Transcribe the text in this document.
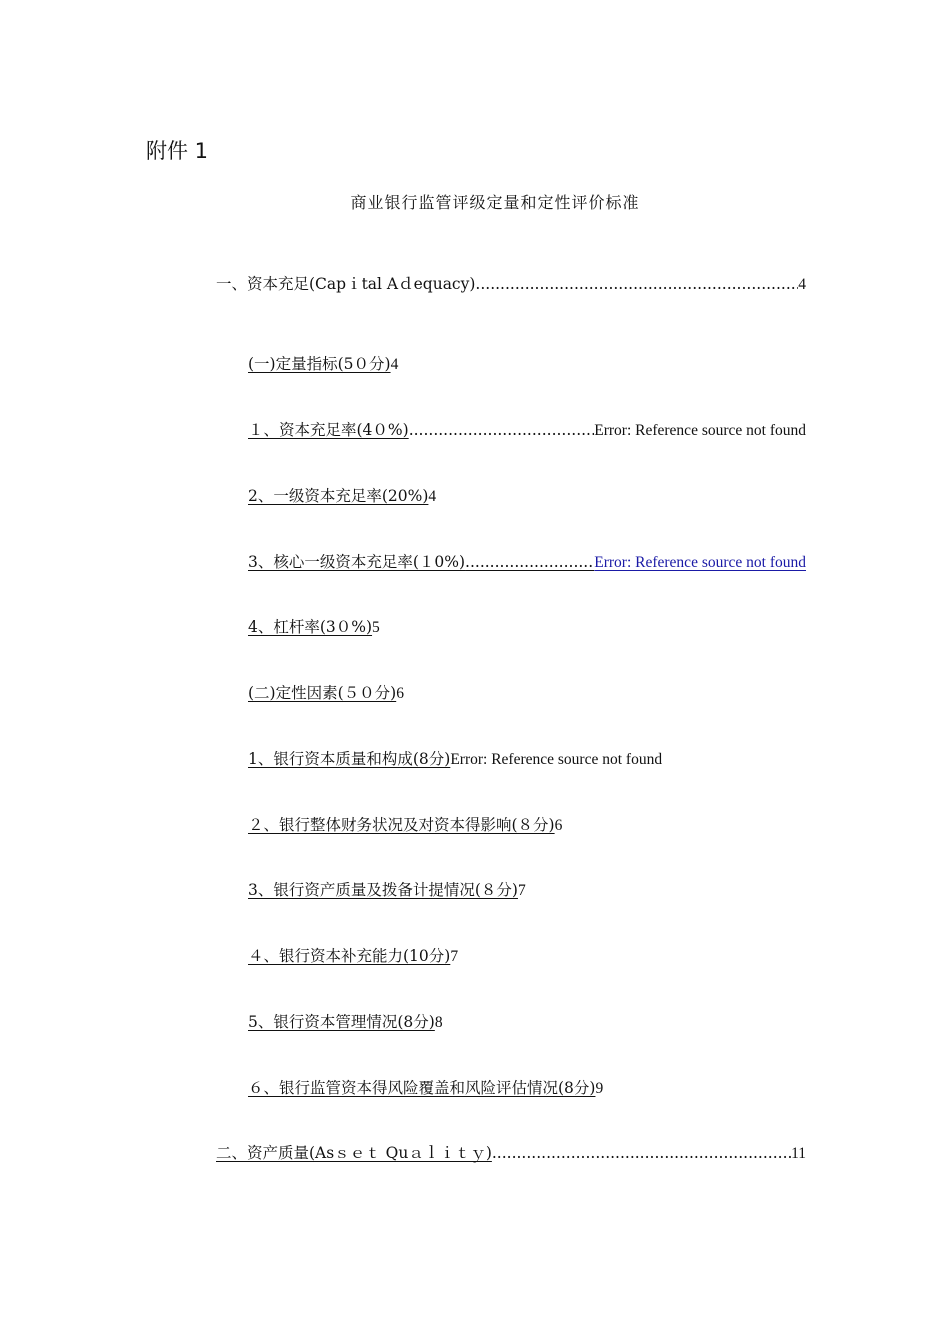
附件 1
商业银行监管评级定量和定性评价标准
一、资本充足(Capｉtal Aｄequacy) .....	4
(一)定量指标(5０分) 4
１、资本充足率(4０%) .....	Error: Reference source not found
2、一级资本充足率(20%) 4
3、核心一级资本充足率(１0%) .....	Error: Reference source not found
4、杠杆率(3０%) 5
(二)定性因素(５０分) 6
1、银行资本质量和构成(8分) Error: Reference source not found
２、银行整体财务状况及对资本得影响(８分) 6
3、银行资产质量及拨备计提情况(８分) 7
４、银行资本补充能力(10分) 7
5、银行资本管理情况(8分) 8
６、银行监管资本得风险覆盖和风险评估情况(8分) 9
二、资产质量(Asｓｅｔ Quａｌｉｔｙ) .....	11
